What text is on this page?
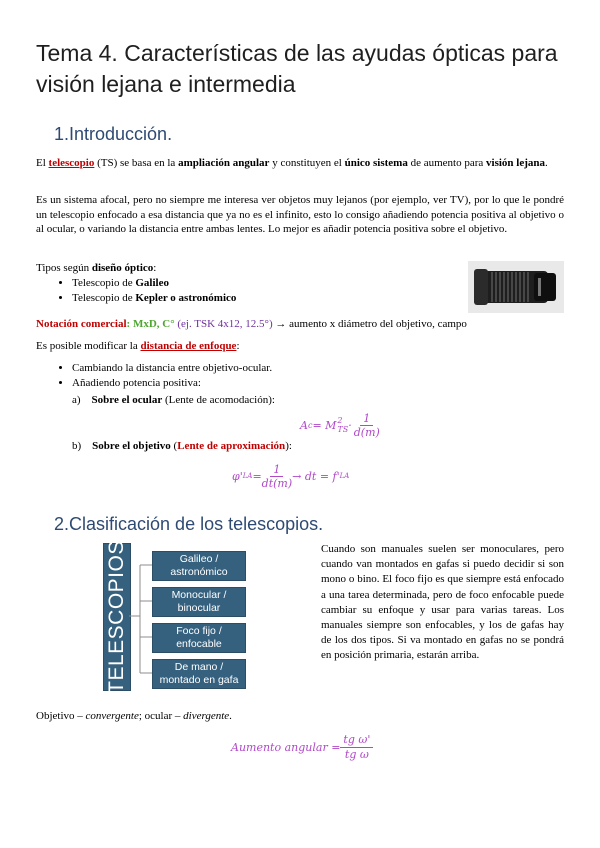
Tema 4. Características de las ayudas ópticas para visión lejana e intermedia
1.Introducción.
El telescopio (TS) se basa en la ampliación angular y constituyen el único sistema de aumento para visión lejana.
Es un sistema afocal, pero no siempre me interesa ver objetos muy lejanos (por ejemplo, ver TV), por lo que le pondré un telescopio enfocado a esa distancia que ya no es el infinito, esto lo consigo añadiendo potencia positiva al objetivo o al ocular, o variando la distancia entre ambas lentes. Lo mejor es añadir potencia positiva sobre el objetivo.
Tipos según diseño óptico:
• Telescopio de Galileo
• Telescopio de Kepler o astronómico
Notación comercial: MxD, C° (ej. TSK 4x12, 12.5°) → aumento x diámetro del objetivo, campo
Es posible modificar la distancia de enfoque:
• Cambiando la distancia entre objetivo-ocular.
• Añadiendo potencia positiva:
a) Sobre el ocular (Lente de acomodación):
A c = M 2
TS ·
1
d(m)
b) Sobre el objetivo (Lente de aproximación):
φ' LA = $\frac{1}{dt(m)}$ → dt = f' LA
2.Clasificación de los telescopios.
TELESCOPIOS	Galileo /
astronómico
Monocular /
binocular
Foco fijo /
enfocable
De mano /
montado en gafa
Cuando son manuales suelen ser monoculares, pero cuando van montados en gafas si puedo decidir si son mono o bino. El foco fijo es que siempre está enfocado a una tarea determinada, pero de foco enfocable puede cambiar su enfoque y usar para varias tareas. Los manuales siempre son enfocables, y los de gafas hay de los dos tipos. Si va montado en gafas no se pondrá en posición primaria, estarán arriba.
Objetivo – convergente; ocular – divergente.
Aumento angular = $\frac{\text{tg ω'}}{\text{tg ω}}$
